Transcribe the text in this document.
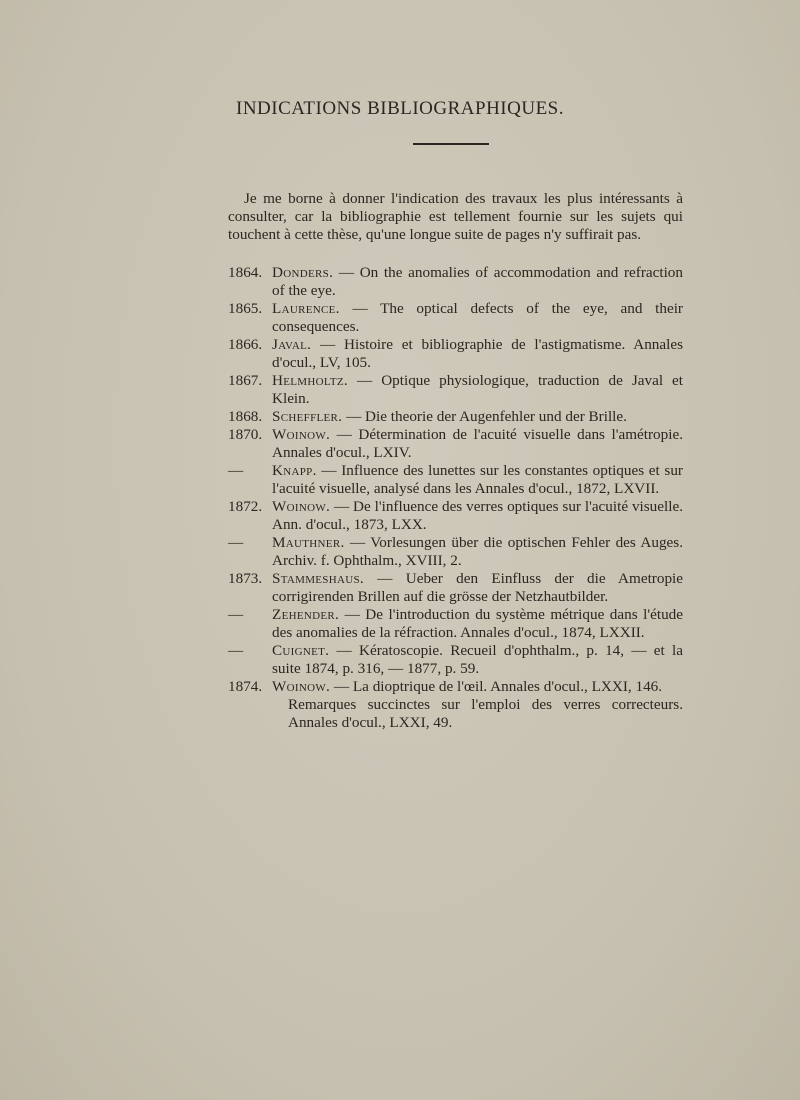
INDICATIONS BIBLIOGRAPHIQUES.

Je me borne à donner l'indication des travaux les plus intéressants à consulter, car la bibliographie est tellement fournie sur les sujets qui touchent à cette thèse, qu'une longue suite de pages n'y suffirait pas.

1864. Donders. — On the anomalies of accommodation and refraction of the eye.

1865. Laurence. — The optical defects of the eye, and their consequences.

1866. Javal. — Histoire et bibliographie de l'astigmatisme. Annales d'ocul., LV, 105.

1867. Helmholtz. — Optique physiologique, traduction de Javal et Klein.

1868. Scheffler. — Die theorie der Augenfehler und der Brille.

1870. Woinow. — Détermination de l'acuité visuelle dans l'amétropie. Annales d'ocul., LXIV.

— Knapp. — Influence des lunettes sur les constantes optiques et sur l'acuité visuelle, analysé dans les Annales d'ocul., 1872, LXVII.

1872. Woinow. — De l'influence des verres optiques sur l'acuité visuelle. Ann. d'ocul., 1873, LXX.

— Mauthner. — Vorlesungen über die optischen Fehler des Auges. Archiv. f. Ophthalm., XVIII, 2.

1873. Stammeshaus. — Ueber den Einfluss der die Ametropie corrigirenden Brillen auf die grösse der Netzhautbilder.

— Zehender. — De l'introduction du système métrique dans l'étude des anomalies de la réfraction. Annales d'ocul., 1874, LXXII.

— Cuignet. — Kératoscopie. Recueil d'ophthalm., p. 14, — et la suite 1874, p. 316, — 1877, p. 59.

1874. Woinow. — La dioptrique de l'œil. Annales d'ocul., LXXI, 146.

Remarques succinctes sur l'emploi des verres correcteurs. Annales d'ocul., LXXI, 49.
